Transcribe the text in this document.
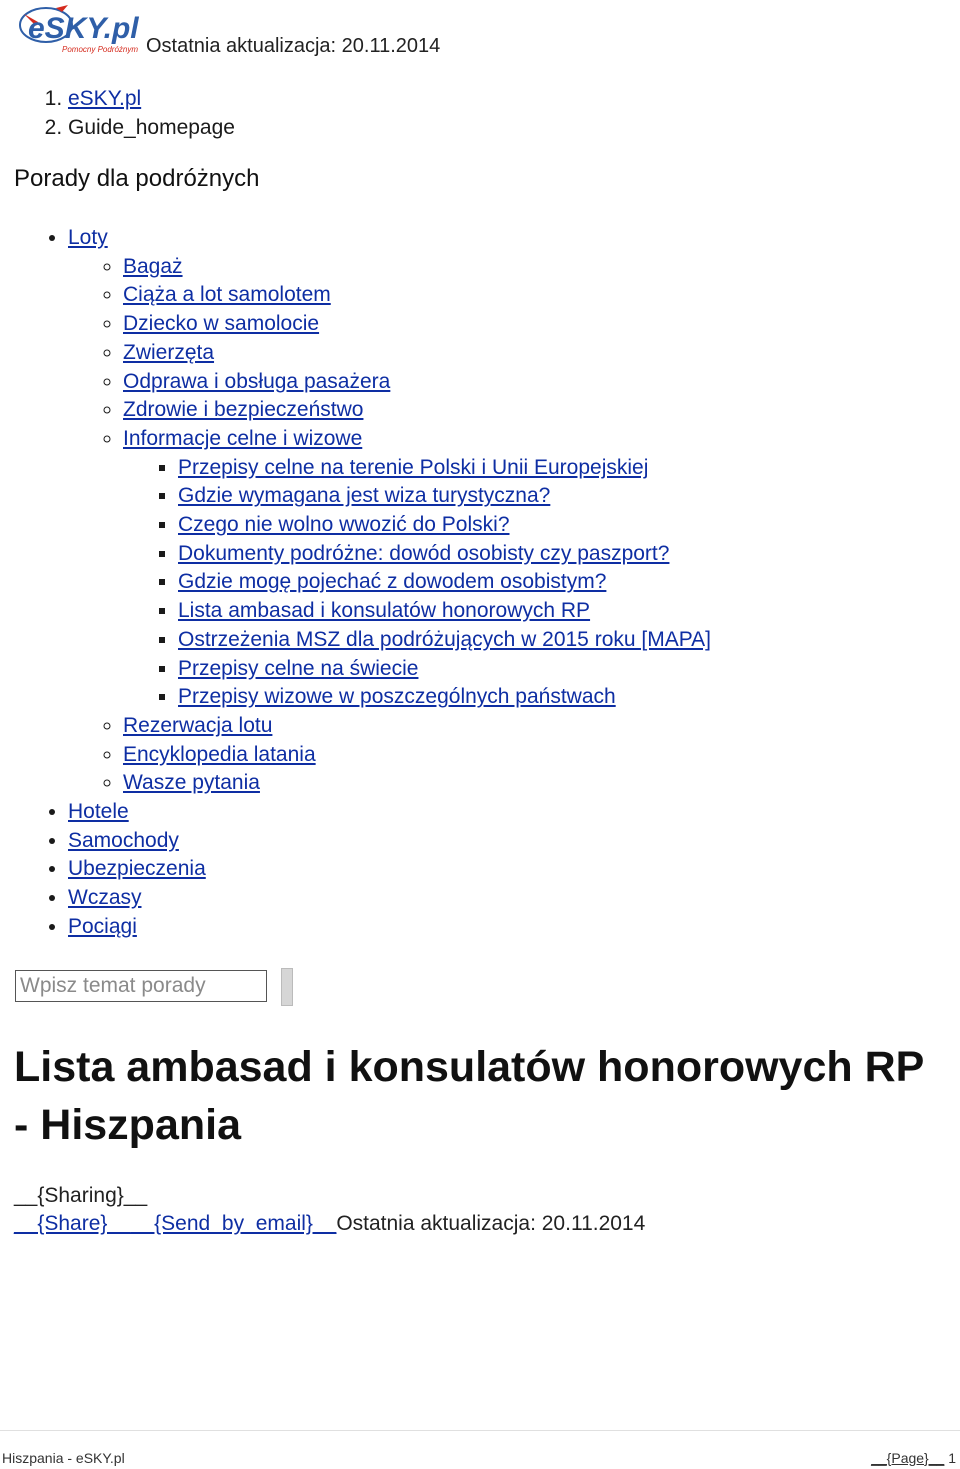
eSKY.pl
Pomocny Podróżnym Ostatnia aktualizacja: 20.11.2014
1. eSKY.pl
2. Guide_homepage
Porady dla podróżnych
• Loty
◦ Bagaż
◦ Ciąża a lot samolotem
◦ Dziecko w samolocie
◦ Zwierzęta
◦ Odprawa i obsługa pasażera
◦ Zdrowie i bezpieczeństwo
◦ Informacje celne i wizowe
▪ Przepisy celne na terenie Polski i Unii Europejskiej
▪ Gdzie wymagana jest wiza turystyczna?
▪ Czego nie wolno wwozić do Polski?
▪ Dokumenty podróżne: dowód osobisty czy paszport?
▪ Gdzie mogę pojechać z dowodem osobistym?
▪ Lista ambasad i konsulatów honorowych RP
▪ Ostrzeżenia MSZ dla podróżujących w 2015 roku [MAPA]
▪ Przepisy celne na świecie
▪ Przepisy wizowe w poszczególnych państwach
◦ Rezerwacja lotu
◦ Encyklopedia latania
◦ Wasze pytania
• Hotele
• Samochody
• Ubezpieczenia
• Wczasy
• Pociągi
Wpisz temat porady
Lista ambasad i konsulatów honorowych RP - Hiszpania
__{Sharing}__
__{Share}____{Send_by_email}__Ostatnia aktualizacja: 20.11.2014
Hiszpania - eSKY.pl	__{Page}__ 1
